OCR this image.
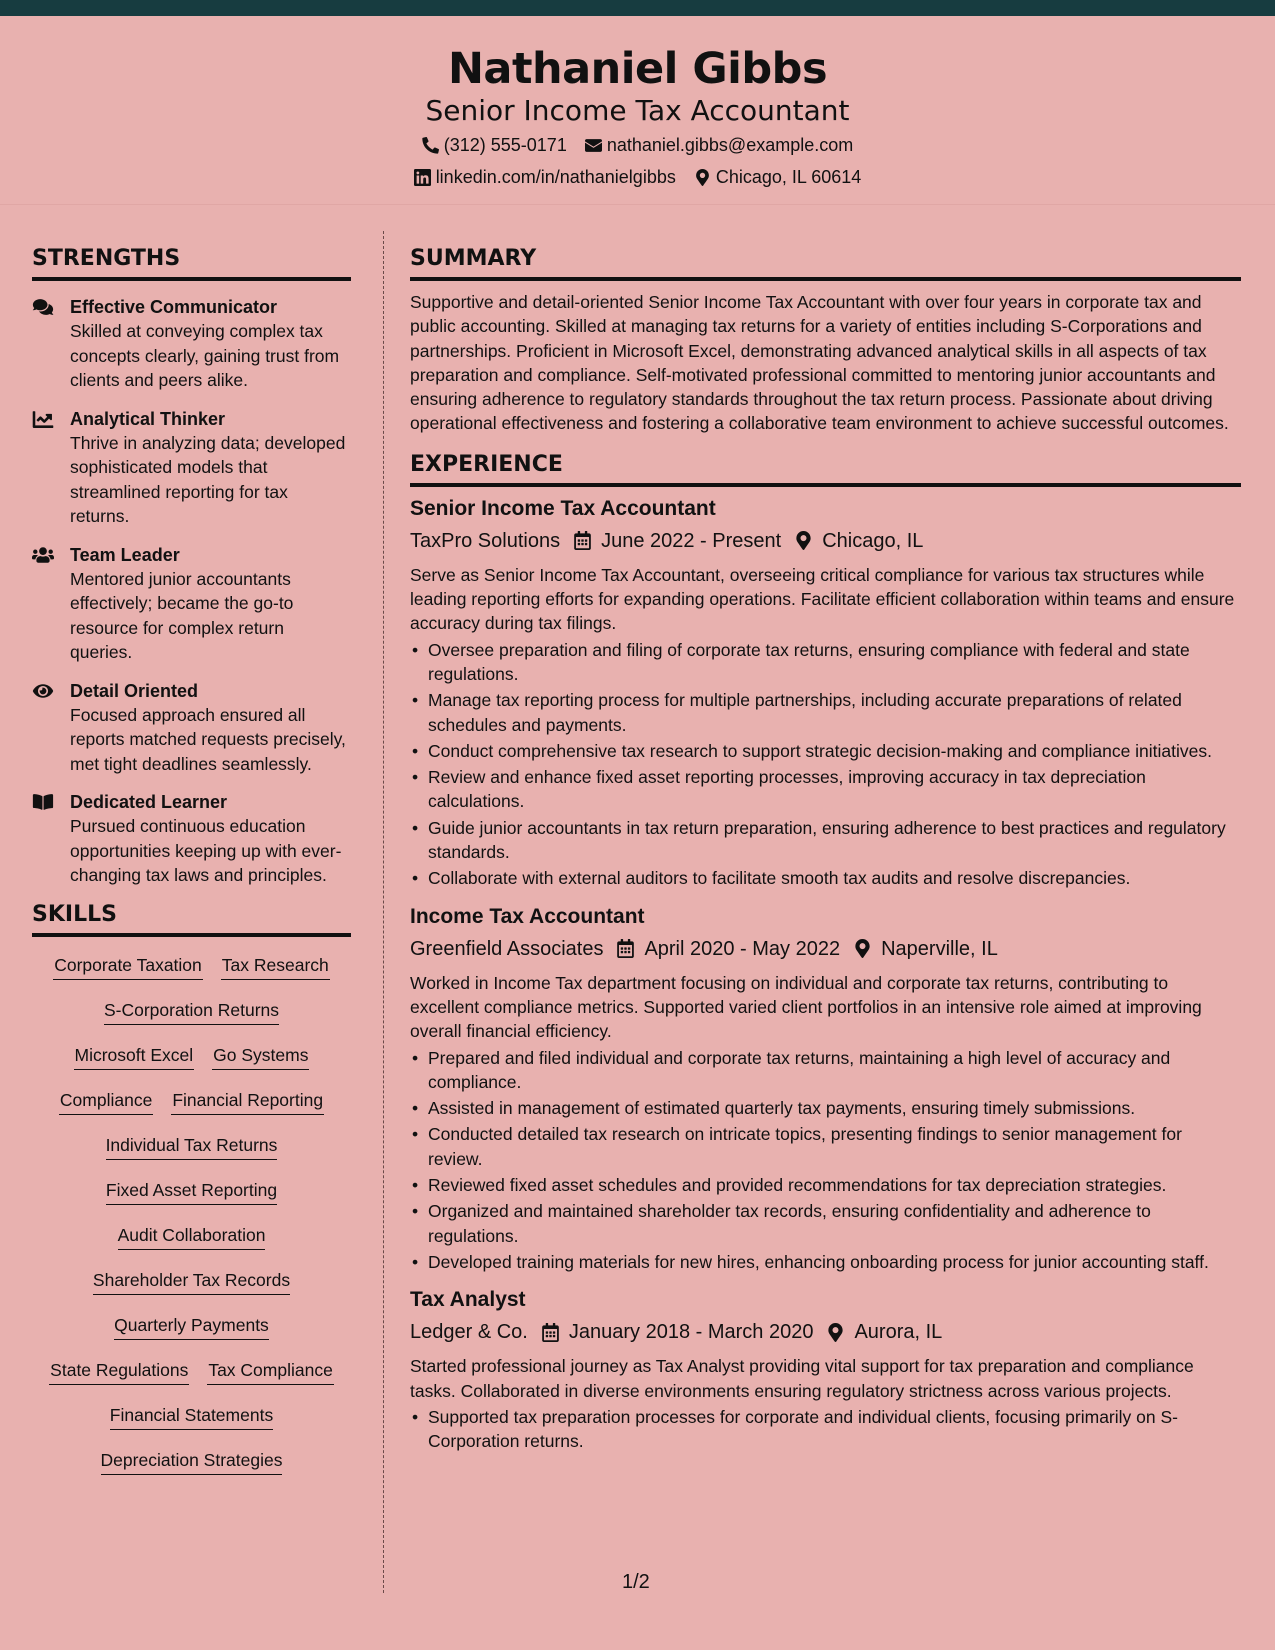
Nathaniel Gibbs
Senior Income Tax Accountant
(312) 555-0171 nathaniel.gibbs@example.com
linkedin.com/in/nathanielgibbs Chicago, IL 60614
STRENGTHS
Effective Communicator
Skilled at conveying complex tax concepts clearly, gaining trust from clients and peers alike.
Analytical Thinker
Thrive in analyzing data; developed sophisticated models that streamlined reporting for tax returns.
Team Leader
Mentored junior accountants effectively; became the go-to resource for complex return queries.
Detail Oriented
Focused approach ensured all reports matched requests precisely, met tight deadlines seamlessly.
Dedicated Learner
Pursued continuous education opportunities keeping up with ever-changing tax laws and principles.
SKILLS
Corporate Taxation Tax Research
S-Corporation Returns
Microsoft Excel Go Systems
Compliance Financial Reporting
Individual Tax Returns
Fixed Asset Reporting
Audit Collaboration
Shareholder Tax Records
Quarterly Payments
State Regulations Tax Compliance
Financial Statements
Depreciation Strategies
SUMMARY
Supportive and detail-oriented Senior Income Tax Accountant with over four years in corporate tax and public accounting. Skilled at managing tax returns for a variety of entities including S-Corporations and partnerships. Proficient in Microsoft Excel, demonstrating advanced analytical skills in all aspects of tax preparation and compliance. Self-motivated professional committed to mentoring junior accountants and ensuring adherence to regulatory standards throughout the tax return process. Passionate about driving operational effectiveness and fostering a collaborative team environment to achieve successful outcomes.
EXPERIENCE
Senior Income Tax Accountant
TaxPro Solutions June 2022 - Present Chicago, IL
Serve as Senior Income Tax Accountant, overseeing critical compliance for various tax structures while leading reporting efforts for expanding operations. Facilitate efficient collaboration within teams and ensure accuracy during tax filings.
• Oversee preparation and filing of corporate tax returns, ensuring compliance with federal and state regulations.
• Manage tax reporting process for multiple partnerships, including accurate preparations of related schedules and payments.
• Conduct comprehensive tax research to support strategic decision-making and compliance initiatives.
• Review and enhance fixed asset reporting processes, improving accuracy in tax depreciation calculations.
• Guide junior accountants in tax return preparation, ensuring adherence to best practices and regulatory standards.
• Collaborate with external auditors to facilitate smooth tax audits and resolve discrepancies.
Income Tax Accountant
Greenfield Associates April 2020 - May 2022 Naperville, IL
Worked in Income Tax department focusing on individual and corporate tax returns, contributing to excellent compliance metrics. Supported varied client portfolios in an intensive role aimed at improving overall financial efficiency.
• Prepared and filed individual and corporate tax returns, maintaining a high level of accuracy and compliance.
• Assisted in management of estimated quarterly tax payments, ensuring timely submissions.
• Conducted detailed tax research on intricate topics, presenting findings to senior management for review.
• Reviewed fixed asset schedules and provided recommendations for tax depreciation strategies.
• Organized and maintained shareholder tax records, ensuring confidentiality and adherence to regulations.
• Developed training materials for new hires, enhancing onboarding process for junior accounting staff.
Tax Analyst
Ledger & Co. January 2018 - March 2020 Aurora, IL
Started professional journey as Tax Analyst providing vital support for tax preparation and compliance tasks. Collaborated in diverse environments ensuring regulatory strictness across various projects.
• Supported tax preparation processes for corporate and individual clients, focusing primarily on S-Corporation returns.
1/2
